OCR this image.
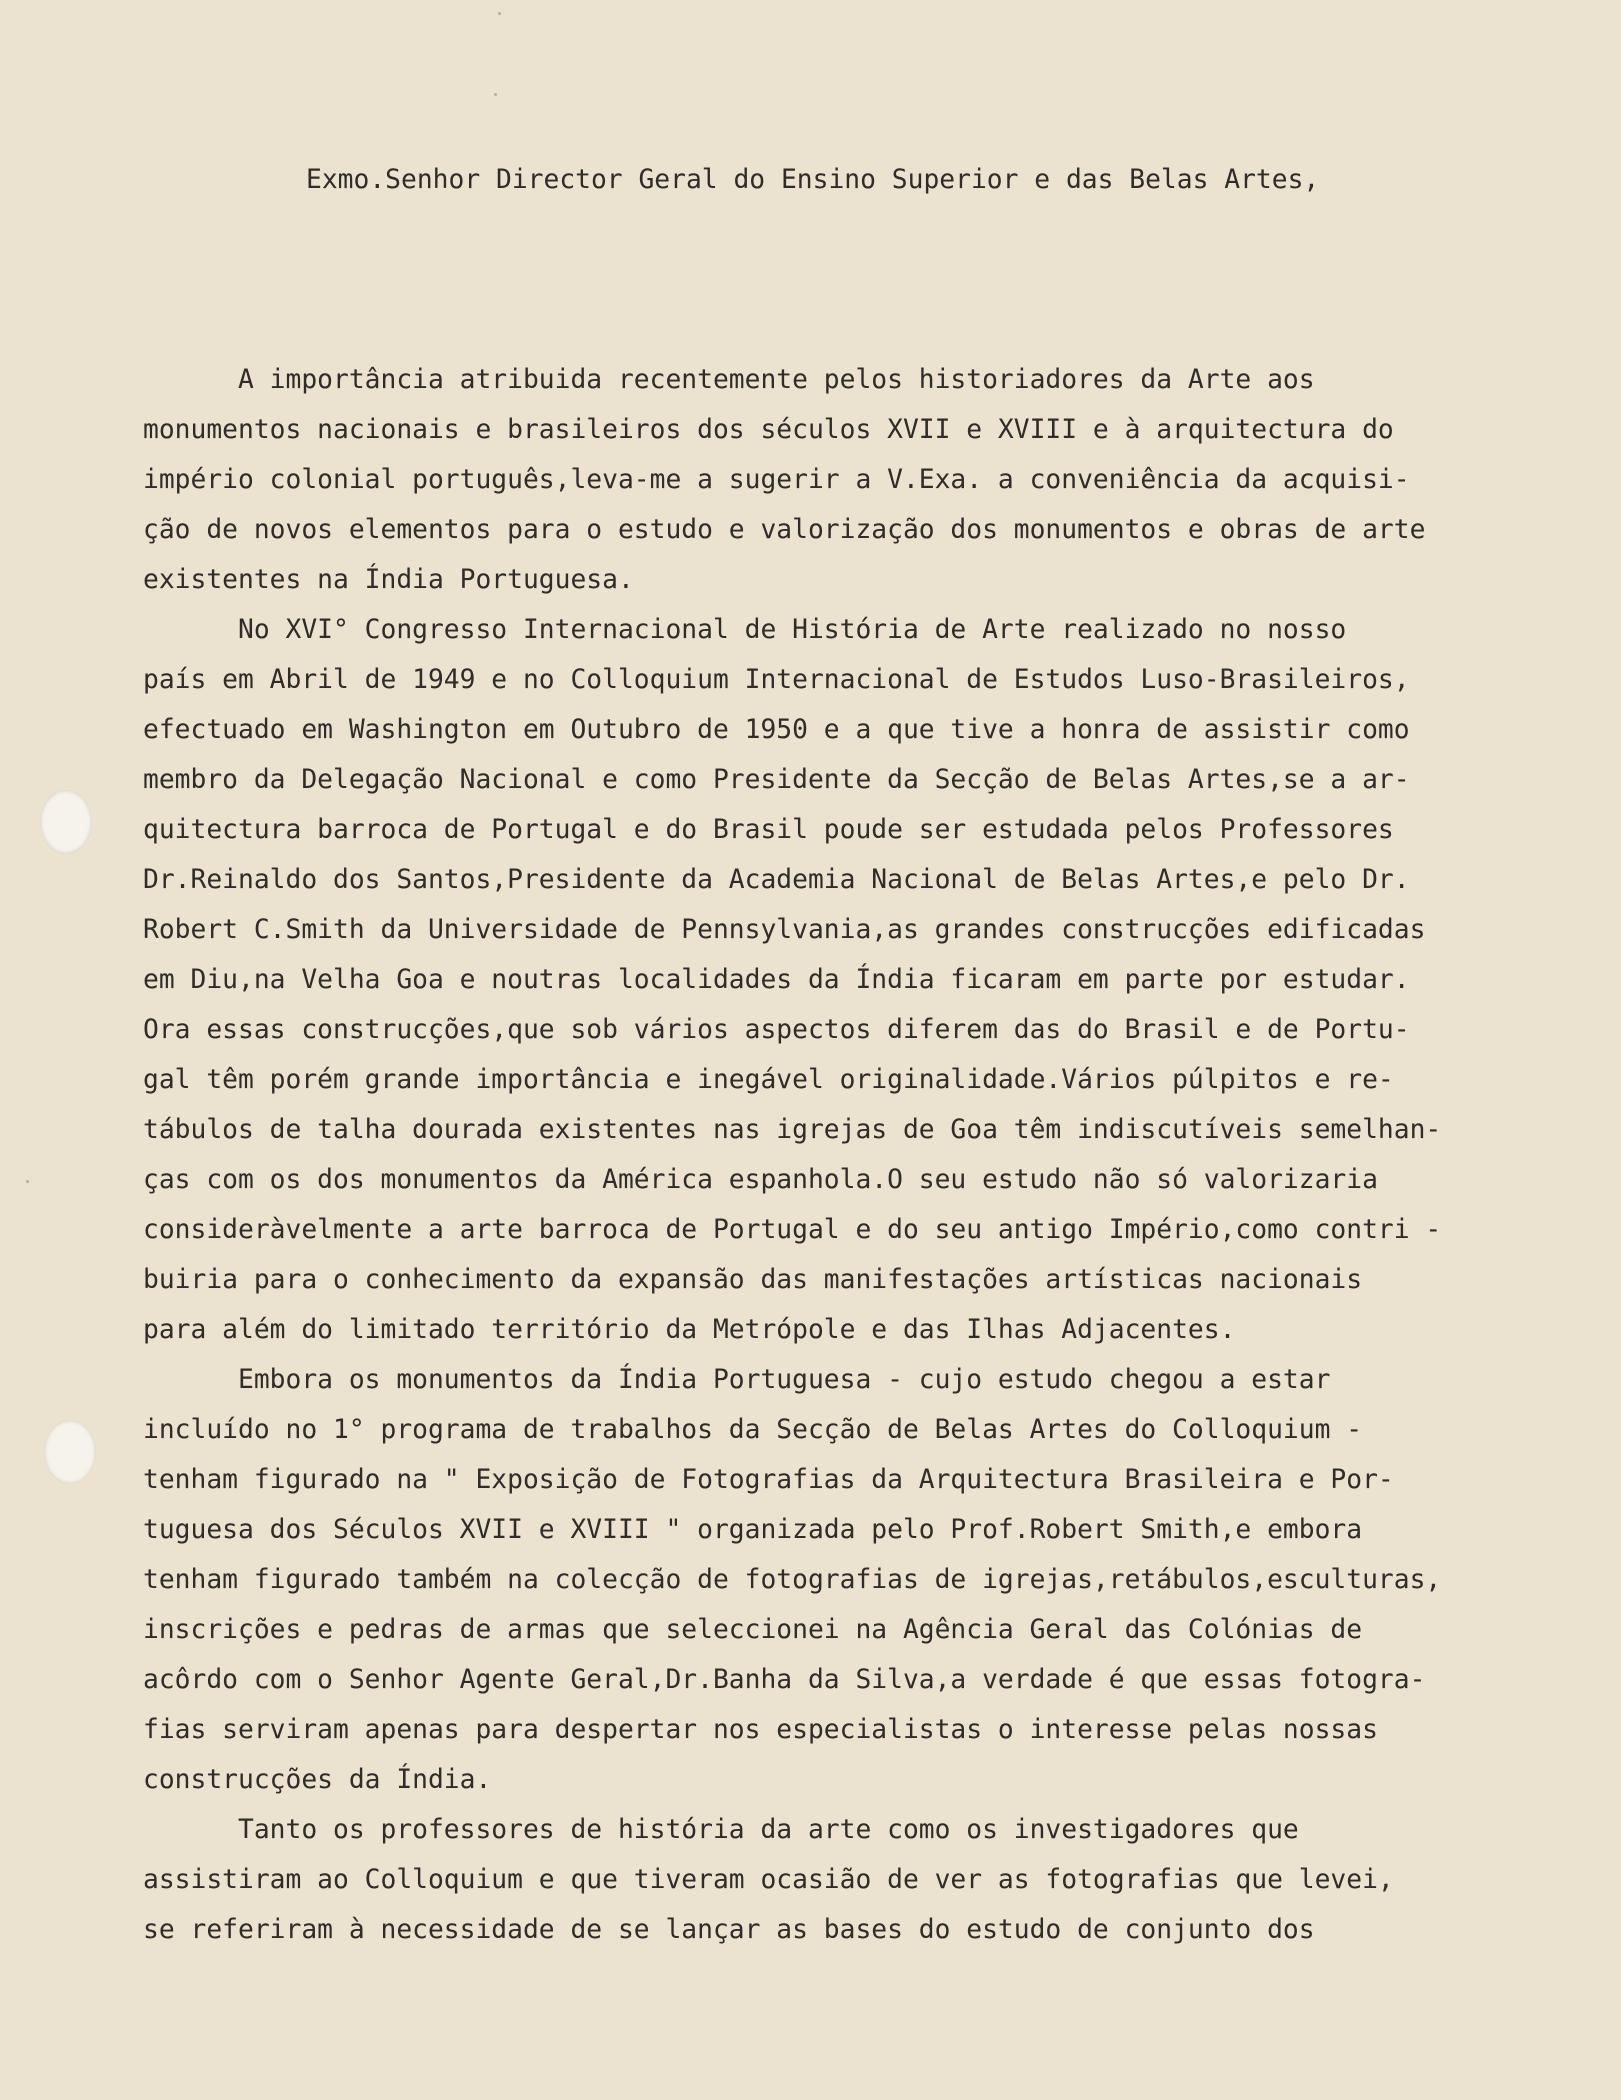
Exmo.Senhor Director Geral do Ensino Superior e das Belas Artes,

A importância atribuida recentemente pelos historiadores da Arte aos
monumentos nacionais e brasileiros dos séculos XVII e XVIII e à arquitectura do
império colonial português,leva-me a sugerir a V.Exa. a conveniência da acquisi-
ção de novos elementos para o estudo e valorização dos monumentos e obras de arte
existentes na Índia Portuguesa.
No XVI° Congresso Internacional de História de Arte realizado no nosso
país em Abril de 1949 e no Colloquium Internacional de Estudos Luso-Brasileiros,
efectuado em Washington em Outubro de 1950 e a que tive a honra de assistir como
membro da Delegação Nacional e como Presidente da Secção de Belas Artes,se a ar-
quitectura barroca de Portugal e do Brasil poude ser estudada pelos Professores
Dr.Reinaldo dos Santos,Presidente da Academia Nacional de Belas Artes,e pelo Dr.
Robert C.Smith da Universidade de Pennsylvania,as grandes construcções edificadas
em Diu,na Velha Goa e noutras localidades da Índia ficaram em parte por estudar.
Ora essas construcções,que sob vários aspectos diferem das do Brasil e de Portu-
gal têm porém grande importância e inegável originalidade.Vários púlpitos e re-
tábulos de talha dourada existentes nas igrejas de Goa têm indiscutíveis semelhan-
ças com os dos monumentos da América espanhola.O seu estudo não só valorizaria
consideràvelmente a arte barroca de Portugal e do seu antigo Império,como contri -
buiria para o conhecimento da expansão das manifestações artísticas nacionais
para além do limitado território da Metrópole e das Ilhas Adjacentes.
Embora os monumentos da Índia Portuguesa - cujo estudo chegou a estar
incluído no 1° programa de trabalhos da Secção de Belas Artes do Colloquium -
tenham figurado na " Exposição de Fotografias da Arquitectura Brasileira e Por-
tuguesa dos Séculos XVII e XVIII " organizada pelo Prof.Robert Smith,e embora
tenham figurado também na colecção de fotografias de igrejas,retábulos,esculturas,
inscrições e pedras de armas que seleccionei na Agência Geral das Colónias de
acôrdo com o Senhor Agente Geral,Dr.Banha da Silva,a verdade é que essas fotogra-
fias serviram apenas para despertar nos especialistas o interesse pelas nossas
construcções da Índia.
Tanto os professores de história da arte como os investigadores que
assistiram ao Colloquium e que tiveram ocasião de ver as fotografias que levei,
se referiram à necessidade de se lançar as bases do estudo de conjunto dos
